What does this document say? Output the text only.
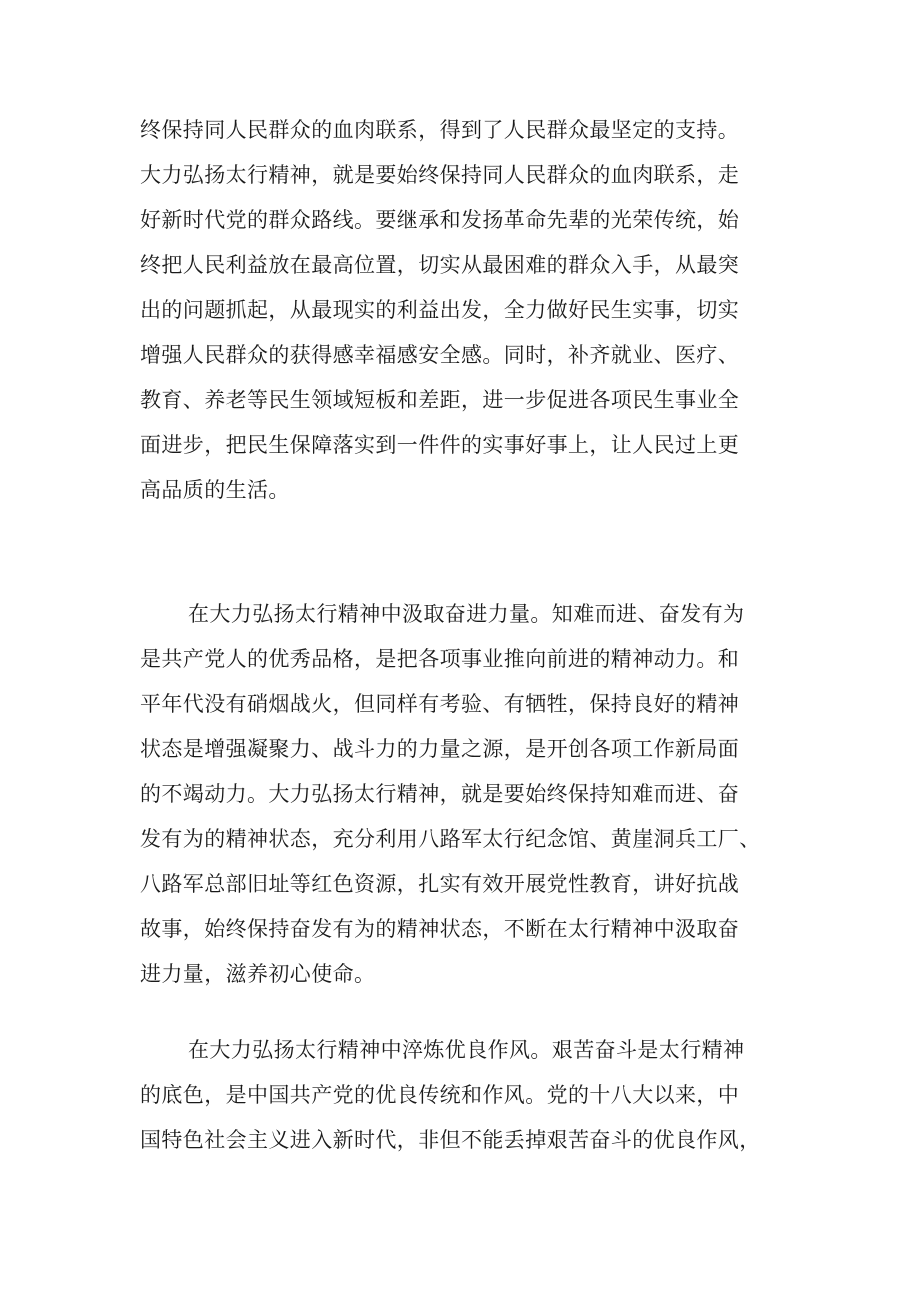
终保持同人民群众的血肉联系，得到了人民群众最坚定的支持。
大力弘扬太行精神，就是要始终保持同人民群众的血肉联系，走
好新时代党的群众路线。要继承和发扬革命先辈的光荣传统，始
终把人民利益放在最高位置，切实从最困难的群众入手，从最突
出的问题抓起，从最现实的利益出发，全力做好民生实事，切实
增强人民群众的获得感幸福感安全感。同时，补齐就业、医疗、
教育、养老等民生领域短板和差距，进一步促进各项民生事业全
面进步，把民生保障落实到一件件的实事好事上，让人民过上更
高品质的生活。
在大力弘扬太行精神中汲取奋进力量。知难而进、奋发有为
是共产党人的优秀品格，是把各项事业推向前进的精神动力。和
平年代没有硝烟战火，但同样有考验、有牺牲，保持良好的精神
状态是增强凝聚力、战斗力的力量之源，是开创各项工作新局面
的不竭动力。大力弘扬太行精神，就是要始终保持知难而进、奋
发有为的精神状态，充分利用八路军太行纪念馆、黄崖洞兵工厂、
八路军总部旧址等红色资源，扎实有效开展党性教育，讲好抗战
故事，始终保持奋发有为的精神状态，不断在太行精神中汲取奋
进力量，滋养初心使命。
在大力弘扬太行精神中淬炼优良作风。艰苦奋斗是太行精神
的底色，是中国共产党的优良传统和作风。党的十八大以来，中
国特色社会主义进入新时代，非但不能丢掉艰苦奋斗的优良作风，
